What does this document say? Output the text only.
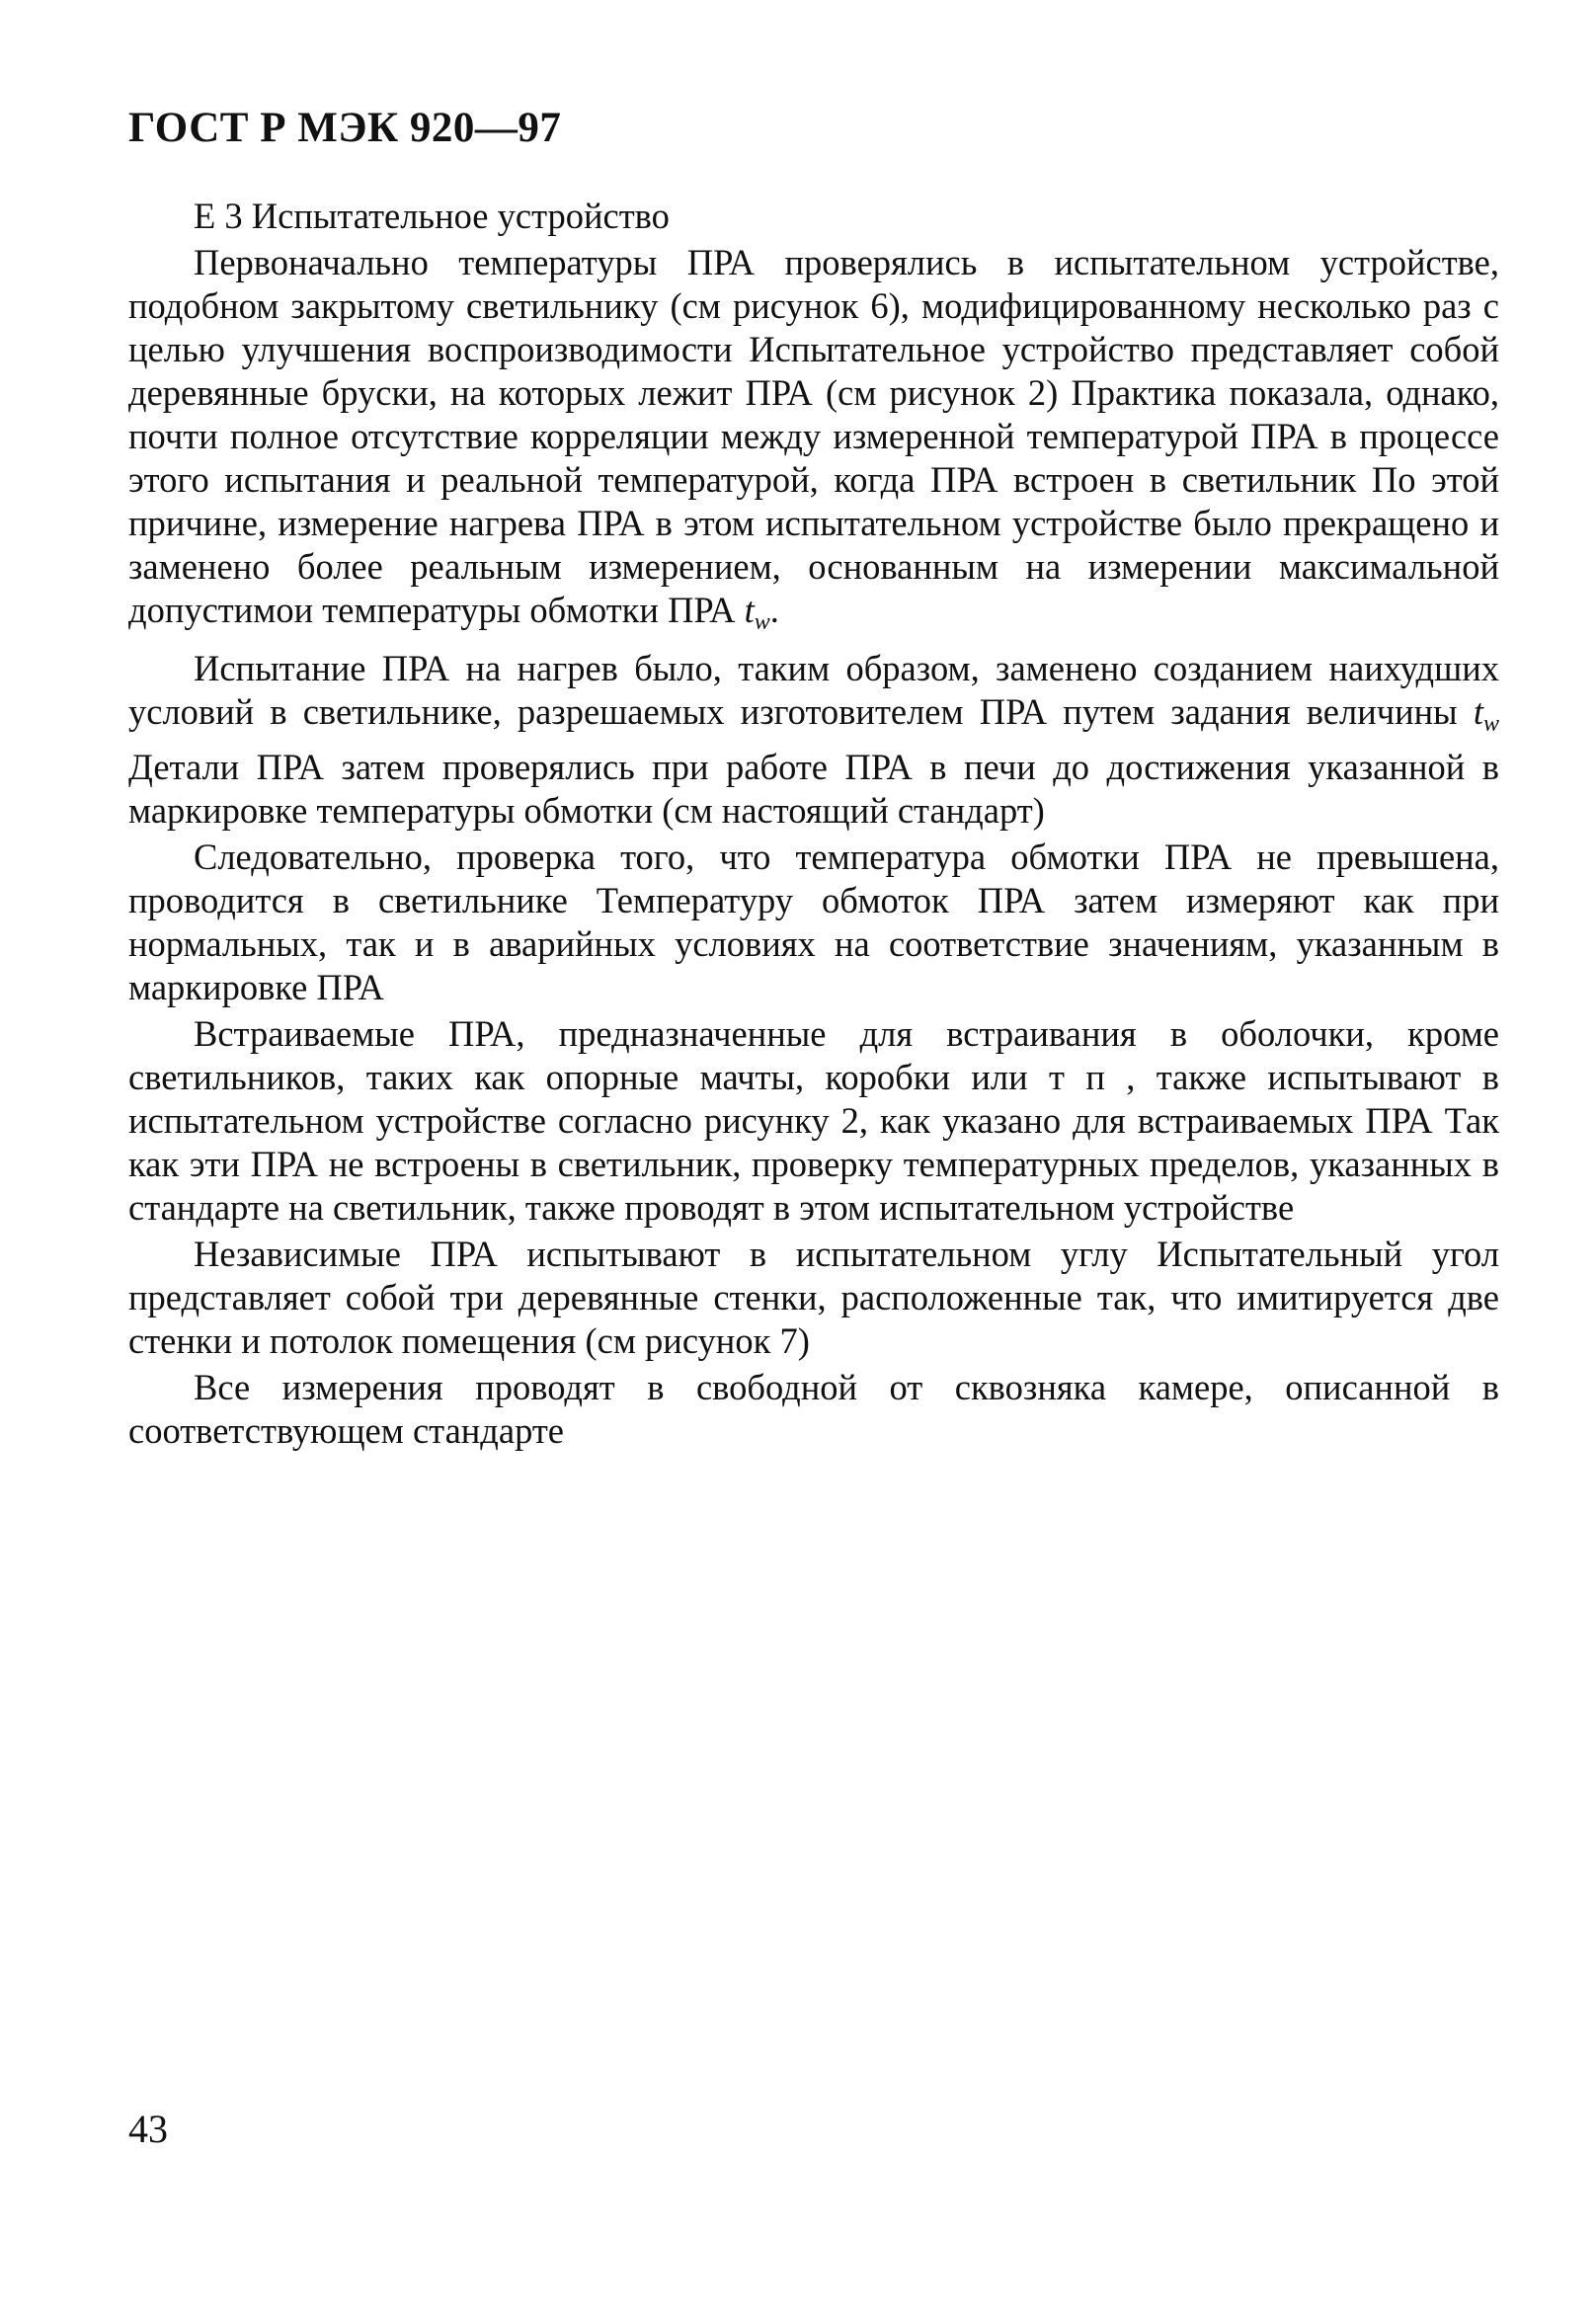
ГОСТ Р МЭК 920—97

Е 3 Испытательное устройство

Первоначально температуры ПРА проверялись в испытательном устройстве, подобном закрытому светильнику (см рисунок 6), модифицированному несколько раз с целью улучшения воспроизводимости Испытательное устройство представляет собой деревянные бруски, на которых лежит ПРА (см рисунок 2) Практика показала, однако, почти полное отсутствие корреляции между измеренной температурой ПРА в процессе этого испытания и реальной температурой, когда ПРА встроен в светильник По этой причине, измерение нагрева ПРА в этом испытательном устройстве было прекращено и заменено более реальным измерением, основанным на измерении максимальной допустимои температуры обмотки ПРА tw.

Испытание ПРА на нагрев было, таким образом, заменено созданием наихудших условий в светильнике, разрешаемых изготовителем ПРА путем задания величины tw Детали ПРА затем проверялись при работе ПРА в печи до достижения указанной в маркировке температуры обмотки (см настоящий стандарт)

Следовательно, проверка того, что температура обмотки ПРА не превышена, проводится в светильнике Температуру обмоток ПРА затем измеряют как при нормальных, так и в аварийных условиях на соответствие значениям, указанным в маркировке ПРА

Встраиваемые ПРА, предназначенные для встраивания в оболочки, кроме светильников, таких как опорные мачты, коробки или т п , также испытывают в испытательном устройстве согласно рисунку 2, как указано для встраиваемых ПРА Так как эти ПРА не встроены в светильник, проверку температурных пределов, указанных в стандарте на светильник, также проводят в этом испытательном устройстве

Независимые ПРА испытывают в испытательном углу Испытательный угол представляет собой три деревянные стенки, расположенные так, что имитируется две стенки и потолок помещения (см рисунок 7)

Все измерения проводят в свободной от сквозняка камере, описанной в соответствующем стандарте

43
